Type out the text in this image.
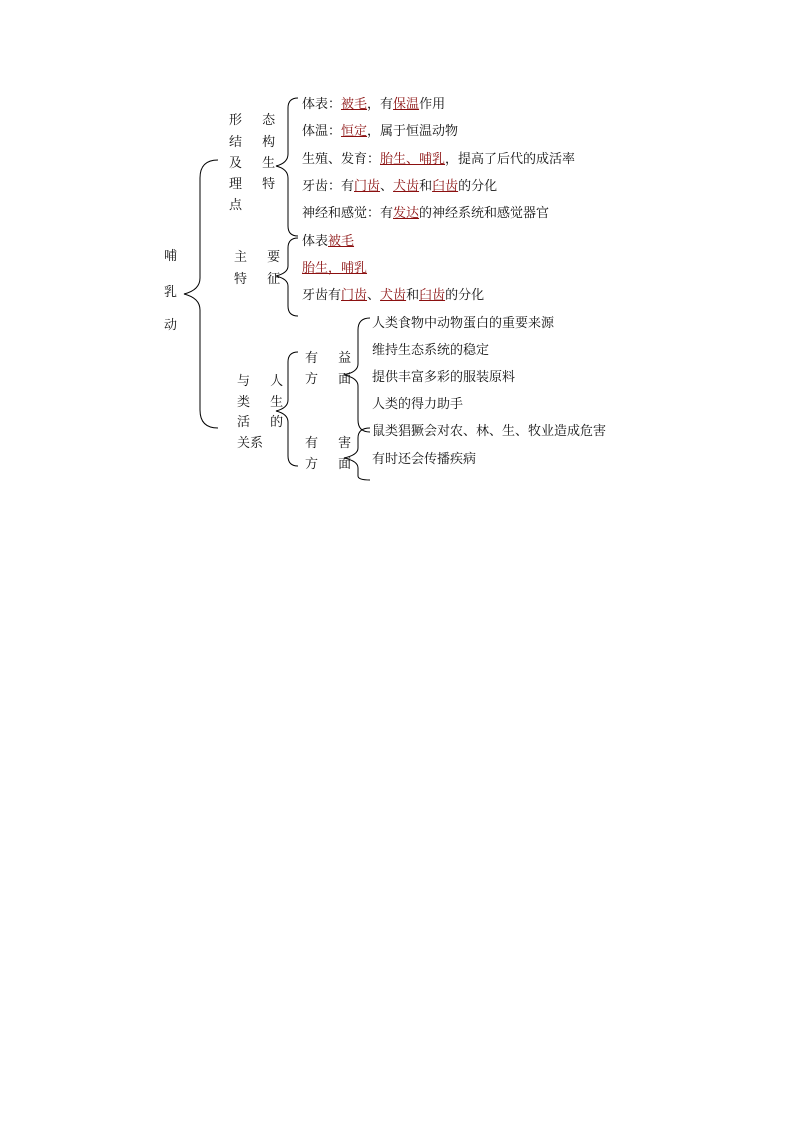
哺
乳
动
形 态
结 构
及 生
理 特
点
体表：被毛，有保温作用
体温：恒定，属于恒温动物
生殖、发育：胎生、哺乳，提高了后代的成活率
牙齿：有门齿、犬齿和臼齿的分化
神经和感觉：有发达的神经系统和感觉器官
主 要
特 征
体表被毛
胎生，哺乳
牙齿有门齿、犬齿和臼齿的分化
与 人
类 生
活 的
关系
有 益
方 面
人类食物中动物蛋白的重要来源
维持生态系统的稳定
提供丰富多彩的服装原料
人类的得力助手
有 害
方 面
鼠类猖獗会对农、林、生、牧业造成危害
有时还会传播疾病
